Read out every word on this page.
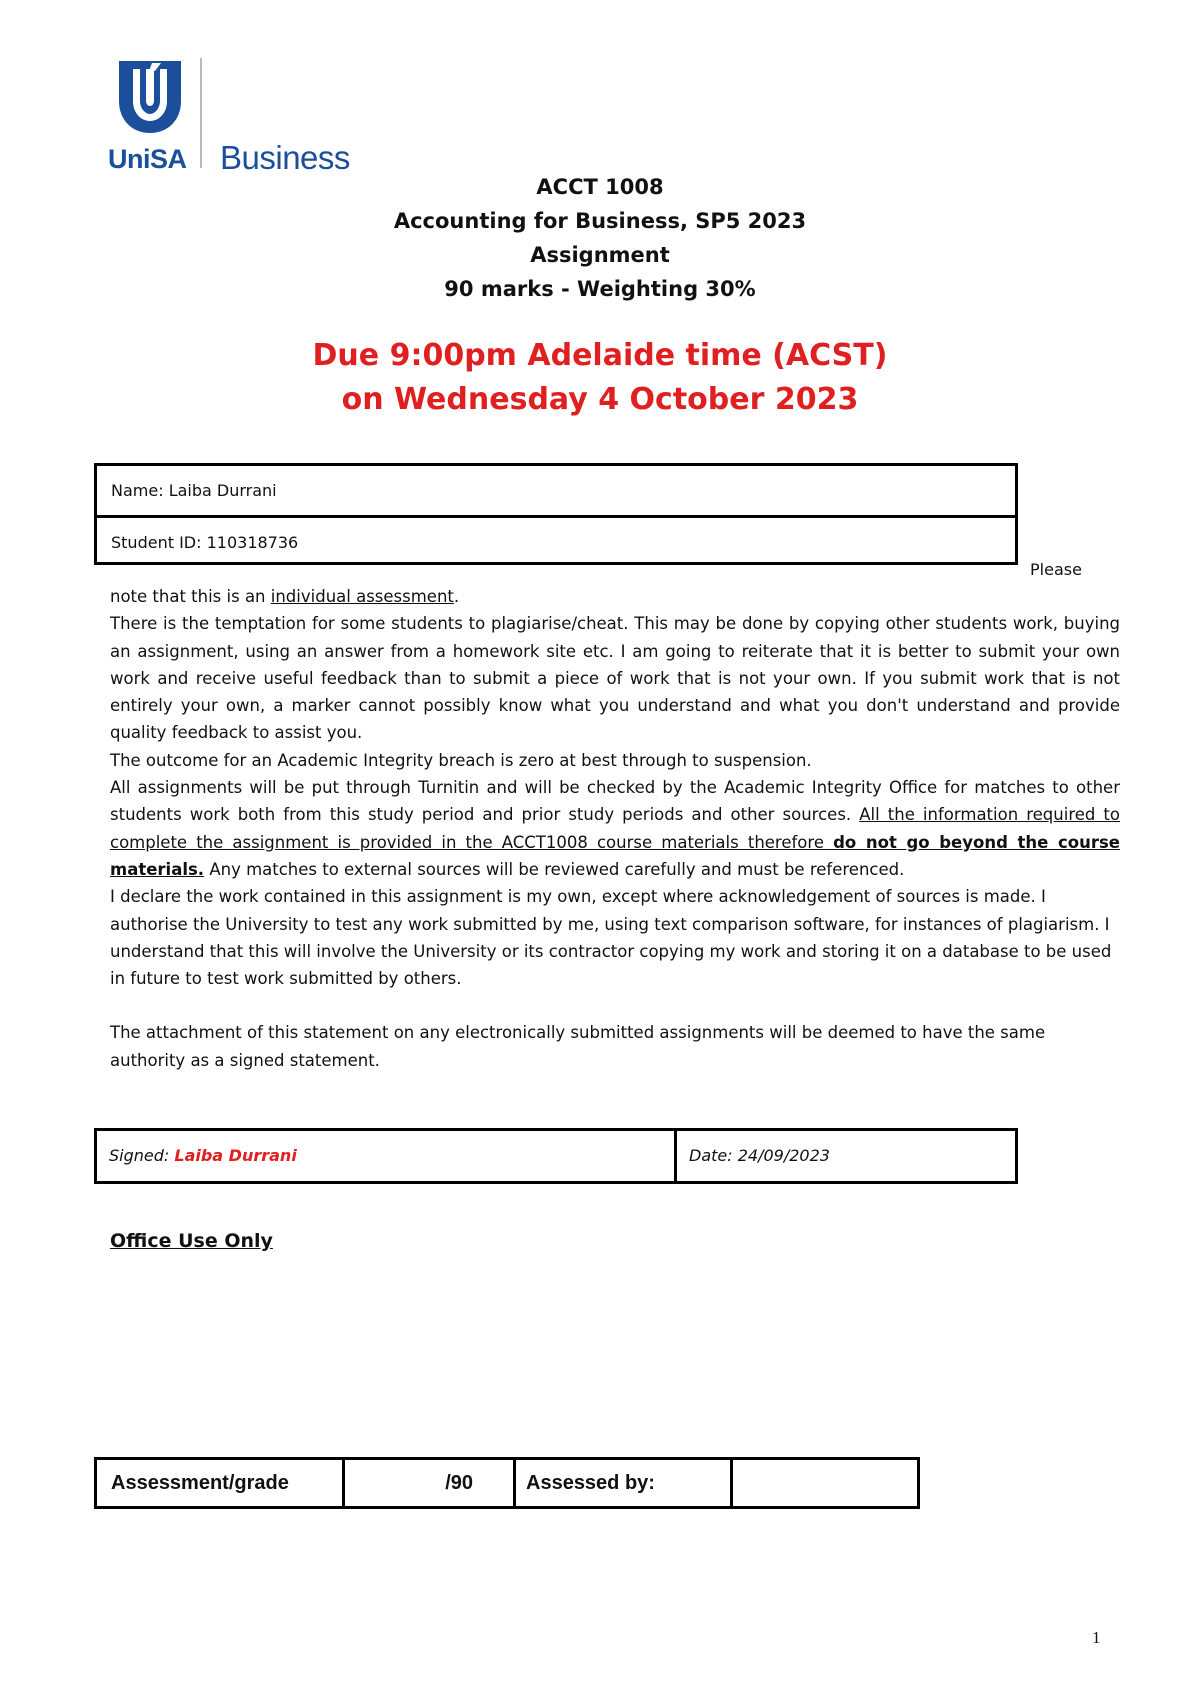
UniSA Business
ACCT 1008
Accounting for Business, SP5 2023
Assignment
90 marks - Weighting 30%
Due 9:00pm Adelaide time (ACST)
on Wednesday 4 October 2023
Name: Laiba Durrani
Student ID: 110318736
Please

note that this is an individual assessment.

There is the temptation for some students to plagiarise/cheat. This may be done by copying other students work, buying an assignment, using an answer from a homework site etc. I am going to reiterate that it is better to submit your own work and receive useful feedback than to submit a piece of work that is not your own. If you submit work that is not entirely your own, a marker cannot possibly know what you understand and what you don't understand and provide quality feedback to assist you.

The outcome for an Academic Integrity breach is zero at best through to suspension.

All assignments will be put through Turnitin and will be checked by the Academic Integrity Office for matches to other students work both from this study period and prior study periods and other sources. All the information required to complete the assignment is provided in the ACCT1008 course materials therefore do not go beyond the course materials. Any matches to external sources will be reviewed carefully and must be referenced.

I declare the work contained in this assignment is my own, except where acknowledgement of sources is made. I authorise the University to test any work submitted by me, using text comparison software, for instances of plagiarism. I understand that this will involve the University or its contractor copying my work and storing it on a database to be used in future to test work submitted by others.

The attachment of this statement on any electronically submitted assignments will be deemed to have the same authority as a signed statement.

Signed: Laiba Durrani	Date: 24/09/2023
Office Use Only
Assessment/grade	/90	Assessed by:
1
